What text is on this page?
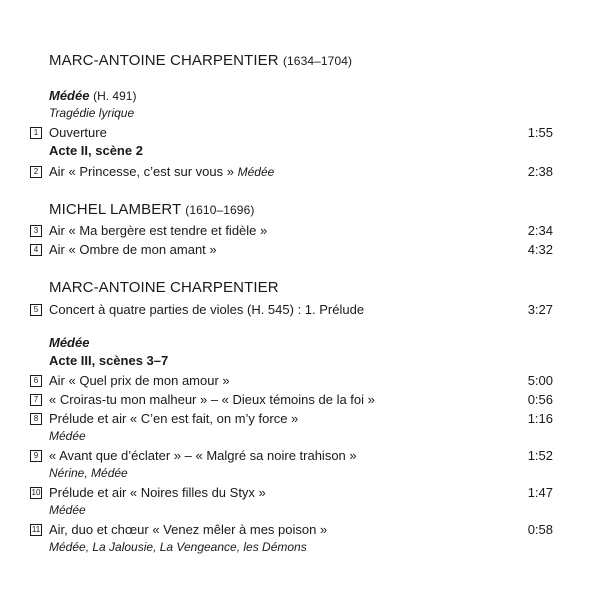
MARC-ANTOINE CHARPENTIER (1634–1704)
Médée (H. 491)
Tragédie lyrique
1 Ouverture	1:55
Acte II, scène 2
2 Air « Princesse, c’est sur vous » Médée	2:38
MICHEL LAMBERT (1610–1696)
3 Air « Ma bergère est tendre et fidèle »	2:34
4 Air « Ombre de mon amant »	4:32
MARC-ANTOINE CHARPENTIER
5 Concert à quatre parties de violes (H. 545) : 1. Prélude	3:27
Médée
Acte III, scènes 3–7
6 Air « Quel prix de mon amour »	5:00
7 « Croiras-tu mon malheur » – « Dieux témoins de la foi »	0:56
8 Prélude et air « C’en est fait, on m’y force »	1:16
Médée
9 « Avant que d’éclater » – « Malgré sa noire trahison »	1:52
Nérine, Médée
10 Prélude et air « Noires filles du Styx »	1:47
Médée
11 Air, duo et chœur « Venez mêler à mes poison »	0:58
Médée, La Jalousie, La Vengeance, les Démons
